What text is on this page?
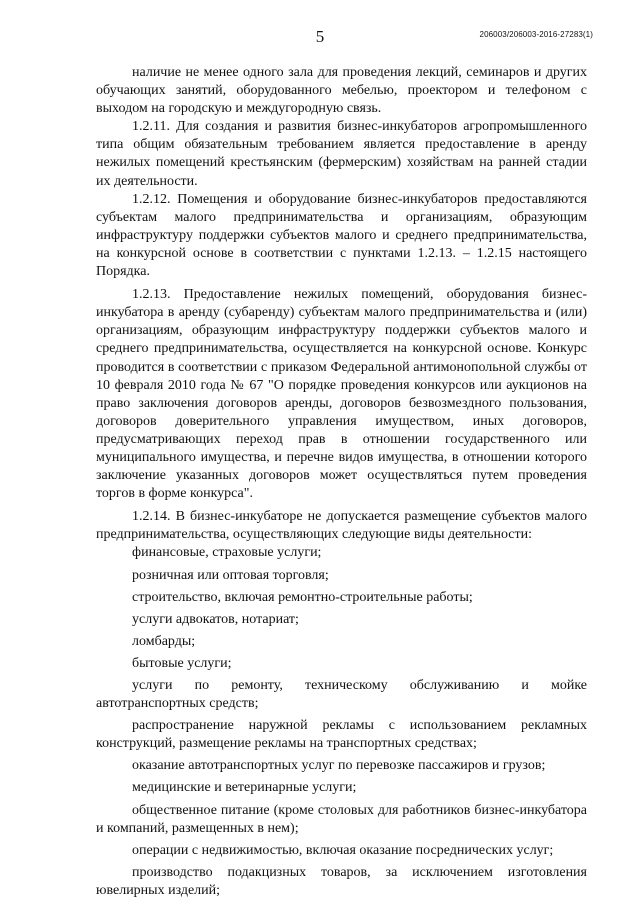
5	206003/206003-2016-27283(1)

наличие не менее одного зала для проведения лекций, семинаров и других обучающих занятий, оборудованного мебелью, проектором и телефоном с выходом на городскую и междугородную связь.

1.2.11. Для создания и развития бизнес-инкубаторов агропромышленного типа общим обязательным требованием является предоставление в аренду нежилых помещений крестьянским (фермерским) хозяйствам на ранней стадии их деятельности.

1.2.12. Помещения и оборудование бизнес-инкубаторов предоставляются субъектам малого предпринимательства и организациям, образующим инфраструктуру поддержки субъектов малого и среднего предпринимательства, на конкурсной основе в соответствии с пунктами 1.2.13. – 1.2.15 настоящего Порядка.

1.2.13. Предоставление нежилых помещений, оборудования бизнес-инкубатора в аренду (субаренду) субъектам малого предпринимательства и (или) организациям, образующим инфраструктуру поддержки субъектов малого и среднего предпринимательства, осуществляется на конкурсной основе. Конкурс проводится в соответствии с приказом Федеральной антимонопольной службы от 10 февраля 2010 года № 67 "О порядке проведения конкурсов или аукционов на право заключения договоров аренды, договоров безвозмездного пользования, договоров доверительного управления имуществом, иных договоров, предусматривающих переход прав в отношении государственного или муниципального имущества, и перечне видов имущества, в отношении которого заключение указанных договоров может осуществляться путем проведения торгов в форме конкурса".

1.2.14. В бизнес-инкубаторе не допускается размещение субъектов малого предпринимательства, осуществляющих следующие виды деятельности:

финансовые, страховые услуги;

розничная или оптовая торговля;

строительство, включая ремонтно-строительные работы;

услуги адвокатов, нотариат;

ломбарды;

бытовые услуги;

услуги по ремонту, техническому обслуживанию и мойке автотранспортных средств;

распространение наружной рекламы с использованием рекламных конструкций, размещение рекламы на транспортных средствах;

оказание автотранспортных услуг по перевозке пассажиров и грузов;

медицинские и ветеринарные услуги;

общественное питание (кроме столовых для работников бизнес-инкубатора и компаний, размещенных в нем);

операции с недвижимостью, включая оказание посреднических услуг;

производство подакцизных товаров, за исключением изготовления ювелирных изделий;
